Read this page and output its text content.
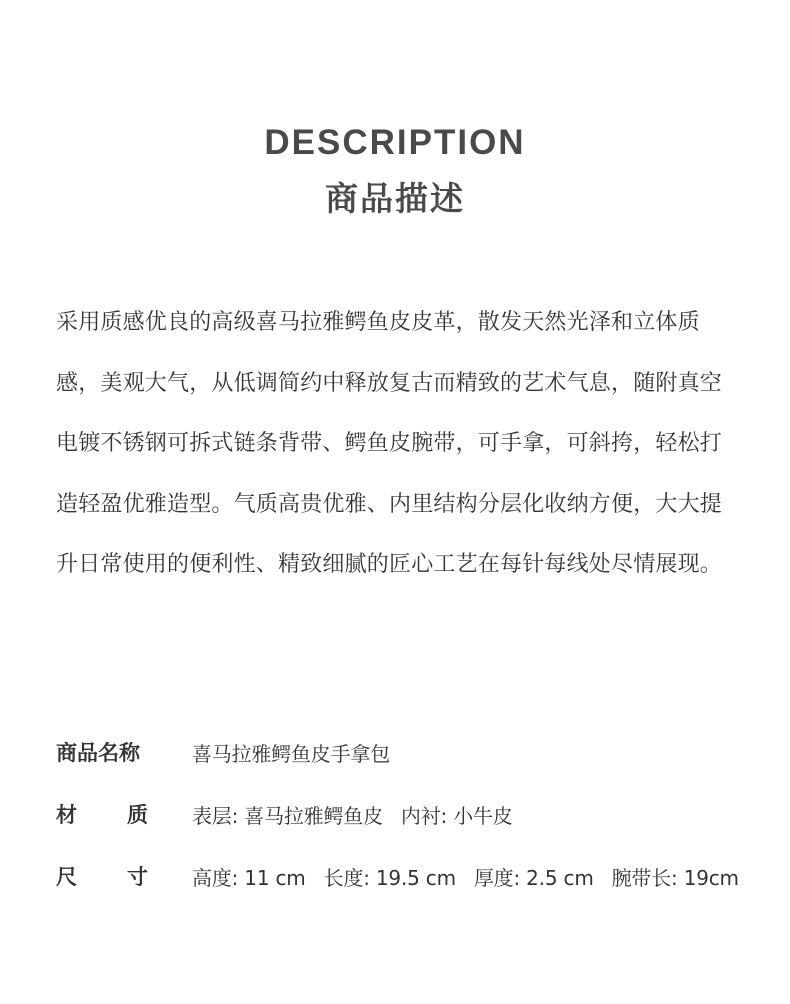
DESCRIPTION
商品描述

采用质感优良的高级喜马拉雅鳄鱼皮皮革，散发天然光泽和立体质感，美观大气，从低调简约中释放复古而精致的艺术气息，随附真空电镀不锈钢可拆式链条背带、鳄鱼皮腕带，可手拿，可斜挎，轻松打造轻盈优雅造型。气质高贵优雅、内里结构分层化收纳方便，大大提升日常使用的便利性、精致细腻的匠心工艺在每针每线处尽情展现。

商品名称	喜马拉雅鳄鱼皮手拿包
材 质 表层: 喜马拉雅鳄鱼皮 内衬: 小牛皮
尺 寸 高度: 11 cm 长度: 19.5 cm 厚度: 2.5 cm 腕带长: 19cm
